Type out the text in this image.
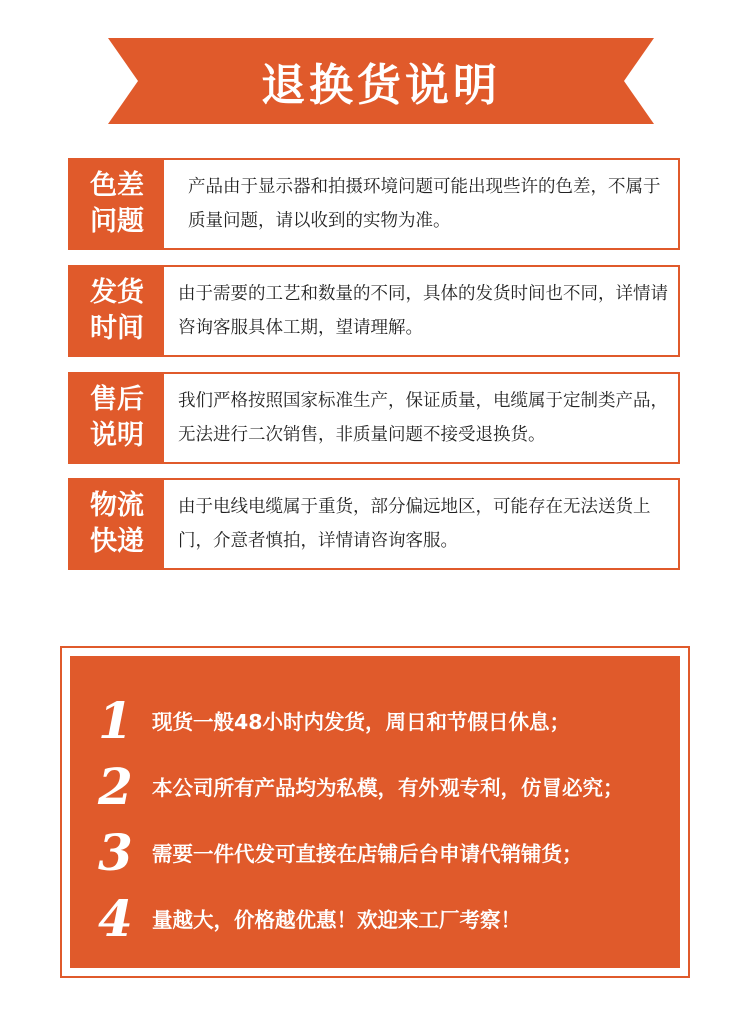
退换货说明
色差
问题
产品由于显示器和拍摄环境问题可能出现些许的色差，不属于质量问题，请以收到的实物为准。
发货
时间
由于需要的工艺和数量的不同，具体的发货时间也不同，详情请咨询客服具体工期，望请理解。
售后
说明
我们严格按照国家标准生产，保证质量，电缆属于定制类产品，无法进行二次销售，非质量问题不接受退换货。
物流
快递
由于电线电缆属于重货，部分偏远地区，可能存在无法送货上门，介意者慎拍，详情请咨询客服。
1 现货一般48小时内发货，周日和节假日休息；
2 本公司所有产品均为私模，有外观专利，仿冒必究；
3 需要一件代发可直接在店铺后台申请代销铺货；
4 量越大，价格越优惠！欢迎来工厂考察！
